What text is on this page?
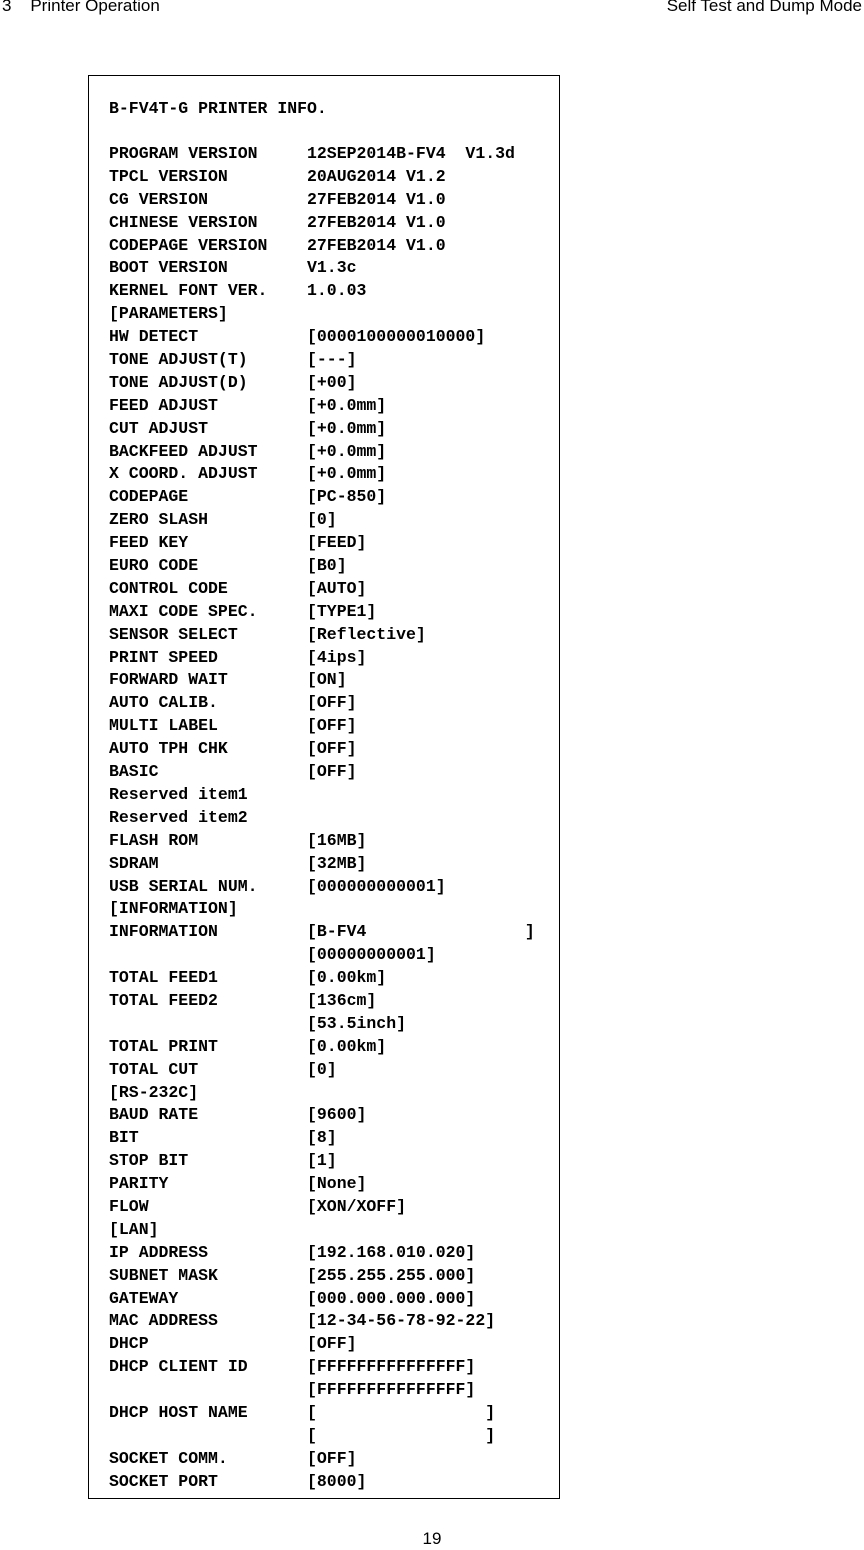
3    Printer Operation	Self Test and Dump Mode
B-FV4T-G PRINTER INFO.
PROGRAM VERSION	12SEP2014B-FV4  V1.3d
TPCL VERSION	20AUG2014 V1.2
CG VERSION	27FEB2014 V1.0
CHINESE VERSION	27FEB2014 V1.0
CODEPAGE VERSION 27FEB2014 V1.0
BOOT VERSION	V1.3c
KERNEL FONT VER. 1.0.03
[PARAMETERS]
HW DETECT	[0000100000010000]
TONE ADJUST(T)	[---]
TONE ADJUST(D)	[+00]
FEED ADJUST	[+0.0mm]
CUT ADJUST	[+0.0mm]
BACKFEED ADJUST	[+0.0mm]
X COORD. ADJUST	[+0.0mm]
CODEPAGE	[PC-850]
ZERO SLASH	[0]
FEED KEY	[FEED]
EURO CODE	[B0]
CONTROL CODE	[AUTO]
MAXI CODE SPEC.	[TYPE1]
SENSOR SELECT	[Reflective]
PRINT SPEED	[4ips]
FORWARD WAIT	[ON]
AUTO CALIB.	[OFF]
MULTI LABEL	[OFF]
AUTO TPH CHK	[OFF]
BASIC	[OFF]
Reserved item1
Reserved item2
FLASH ROM	[16MB]
SDRAM	[32MB]
USB SERIAL NUM.	[000000000001]
[INFORMATION]
INFORMATION	[B-FV4                ]
[00000000001]
TOTAL FEED1	[0.00km]
TOTAL FEED2	[136cm]
[53.5inch]
TOTAL PRINT	[0.00km]
TOTAL CUT	[0]
[RS-232C]
BAUD RATE	[9600]
BIT	[8]
STOP BIT	[1]
PARITY	[None]
FLOW	[XON/XOFF]
[LAN]
IP ADDRESS	[192.168.010.020]
SUBNET MASK	[255.255.255.000]
GATEWAY	[000.000.000.000]
MAC ADDRESS	[12-34-56-78-92-22]
DHCP	[OFF]
DHCP CLIENT ID	[FFFFFFFFFFFFFFF]
[FFFFFFFFFFFFFFF]
DHCP HOST NAME	[                 ]
[                 ]
SOCKET COMM.	[OFF]
SOCKET PORT	[8000]
19
